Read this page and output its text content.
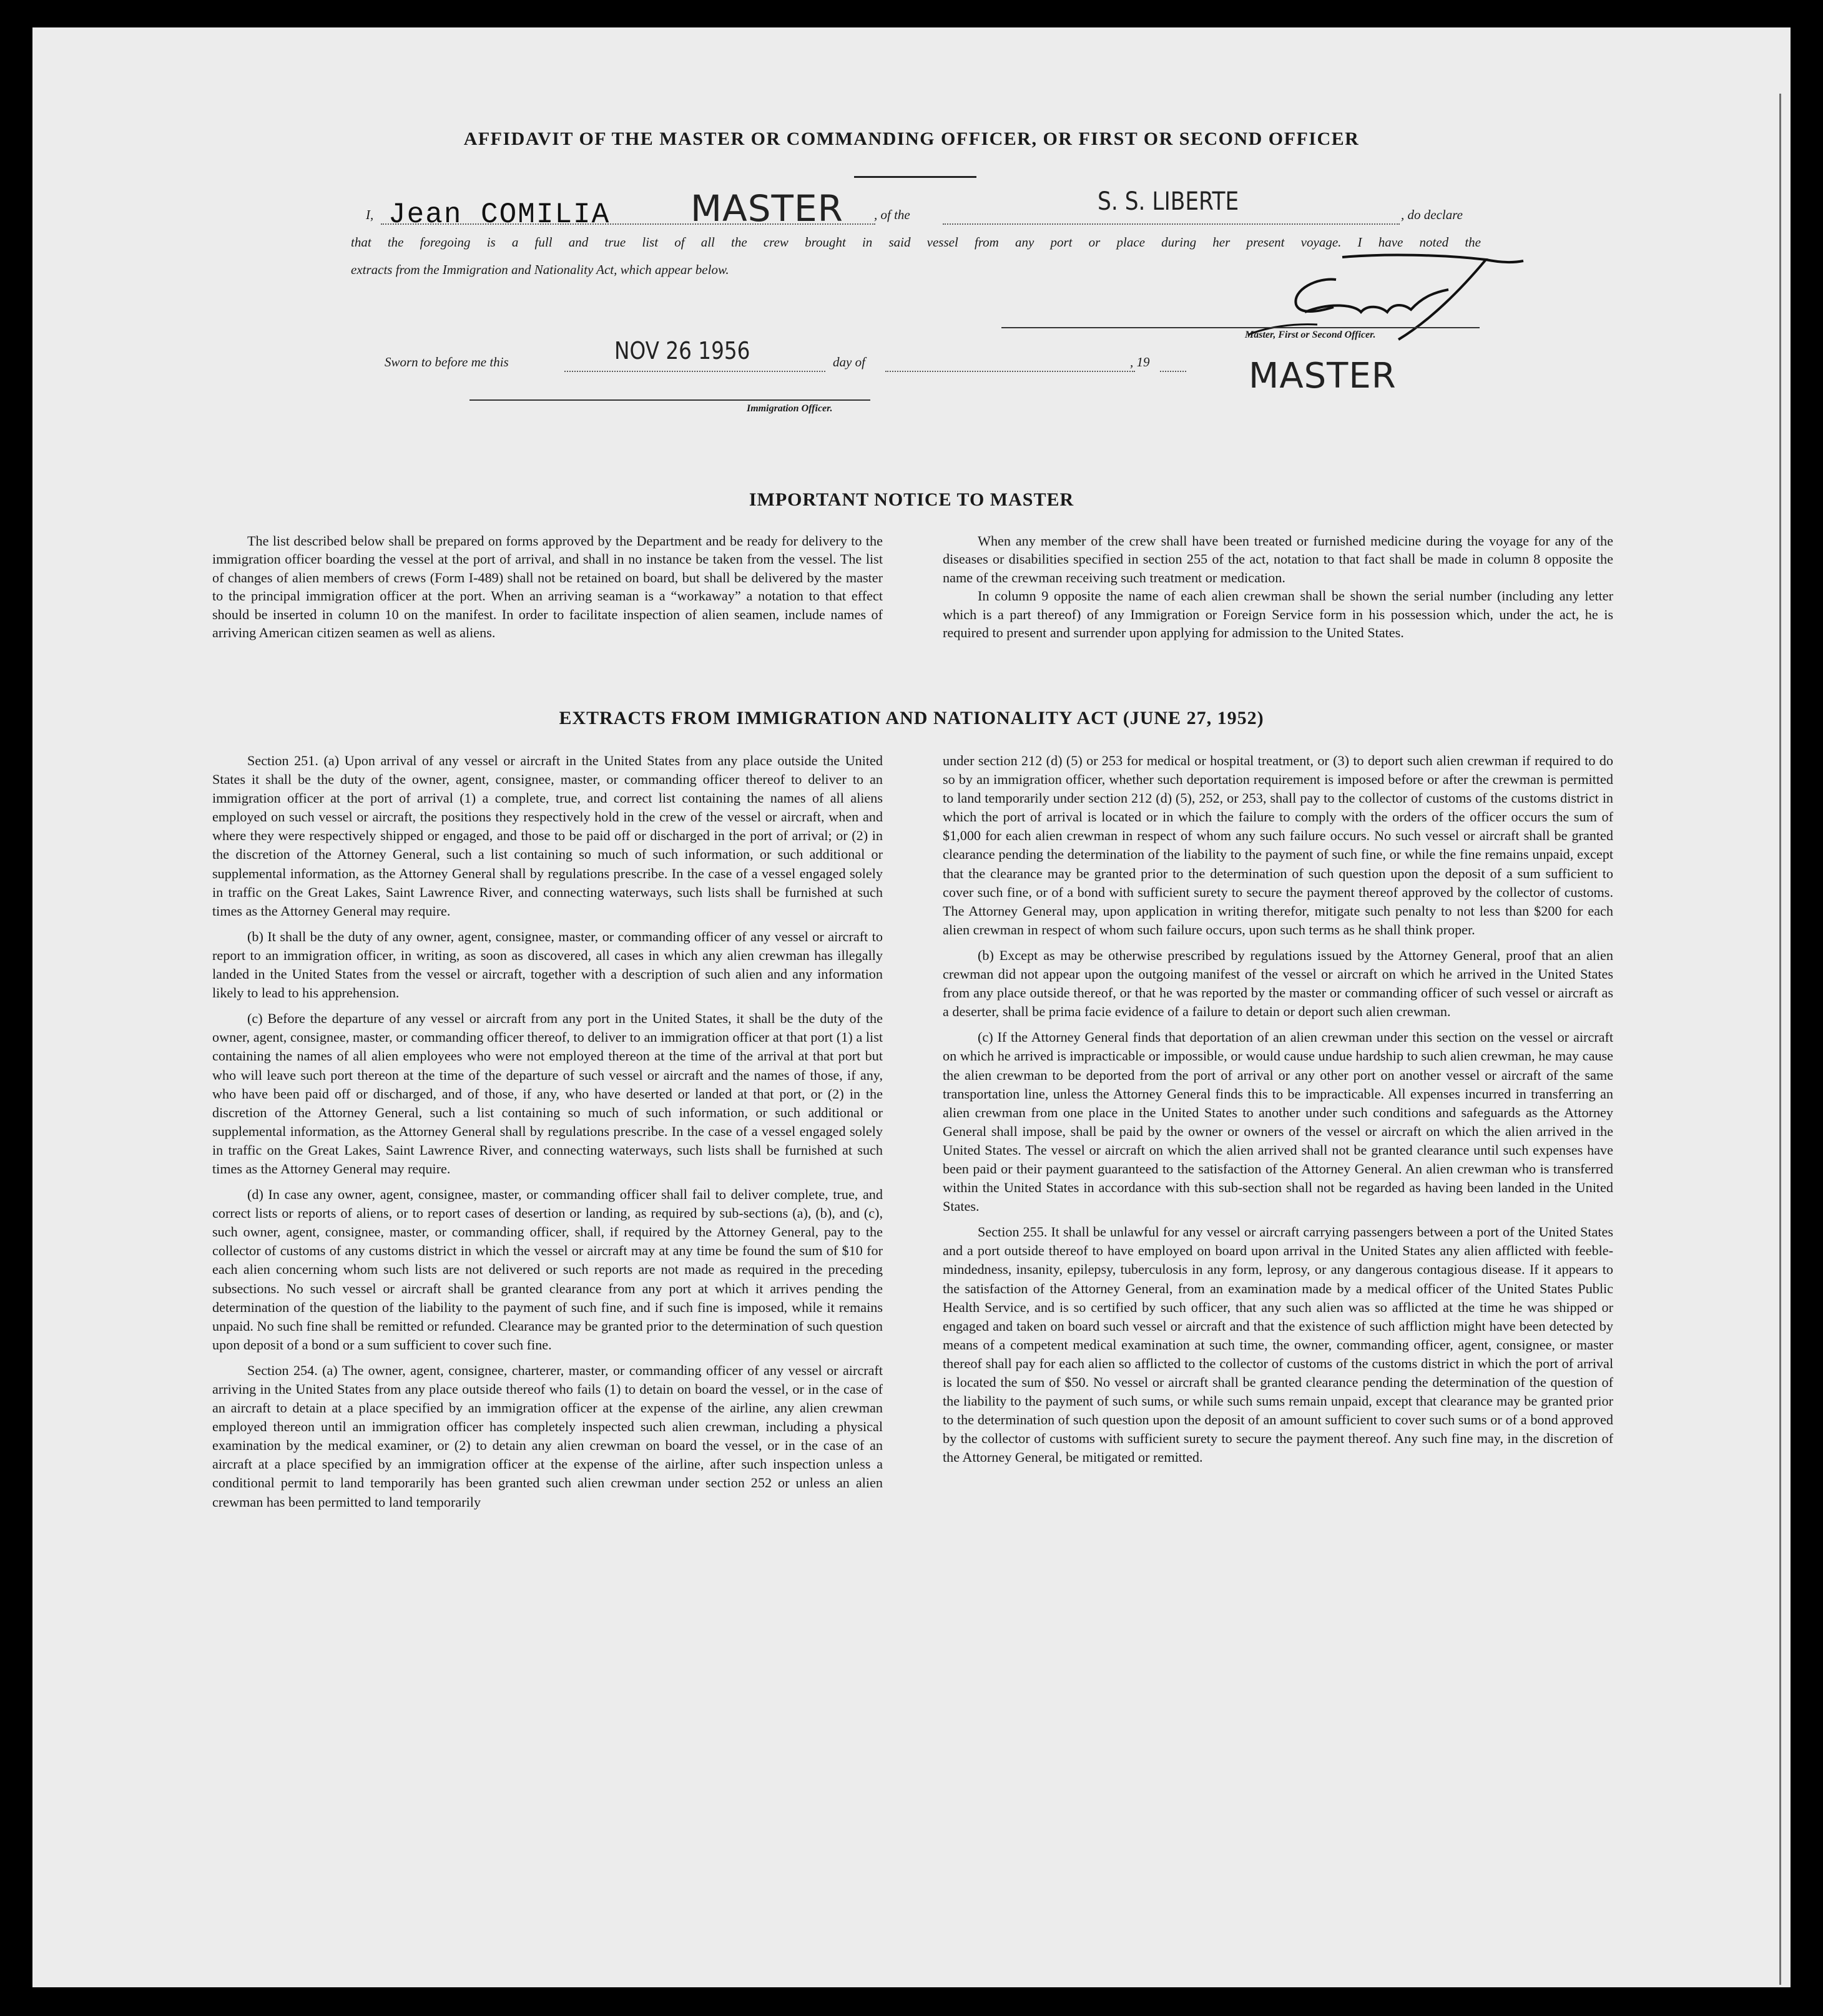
AFFIDAVIT OF THE MASTER OR COMMANDING OFFICER, OR FIRST OR SECOND OFFICER
I, Jean COMILIA MASTER , of the	S. S. LIBERTE	, do declare
that the foregoing is a full and true list of all the crew brought in said vessel from any port or place during her present voyage. I have noted the
extracts from the Immigration and Nationality Act, which appear below.
Master, First or Second Officer.
MASTER
Sworn to before me this	NOV 26 1956	day of	, 19
Immigration Officer.
IMPORTANT NOTICE TO MASTER

The list described below shall be prepared on forms approved by the Department and be ready for delivery to the immigration officer boarding the vessel at the port of arrival, and shall in no instance be taken from the vessel. The list of changes of alien members of crews (Form I-489) shall not be retained on board, but shall be delivered by the master to the principal immigration officer at the port. When an arriving seaman is a “workaway” a notation to that effect should be inserted in column 10 on the manifest. In order to facilitate inspection of alien seamen, include names of arriving American citizen seamen as well as aliens.

When any member of the crew shall have been treated or furnished medicine during the voyage for any of the diseases or disabilities specified in section 255 of the act, notation to that fact shall be made in column 8 opposite the name of the crewman receiving such treatment or medication.

In column 9 opposite the name of each alien crewman shall be shown the serial number (including any letter which is a part thereof) of any Immigration or Foreign Service form in his possession which, under the act, he is required to present and surrender upon applying for admission to the United States.

EXTRACTS FROM IMMIGRATION AND NATIONALITY ACT (JUNE 27, 1952)

Section 251. (a) Upon arrival of any vessel or aircraft in the United States from any place outside the United States it shall be the duty of the owner, agent, consignee, master, or commanding officer thereof to deliver to an immigration officer at the port of arrival (1) a complete, true, and correct list containing the names of all aliens employed on such vessel or aircraft, the positions they respectively hold in the crew of the vessel or aircraft, when and where they were respectively shipped or engaged, and those to be paid off or discharged in the port of arrival; or (2) in the discretion of the Attorney General, such a list containing so much of such information, or such additional or supplemental information, as the Attorney General shall by regulations prescribe. In the case of a vessel engaged solely in traffic on the Great Lakes, Saint Lawrence River, and connecting waterways, such lists shall be furnished at such times as the Attorney General may require.

(b) It shall be the duty of any owner, agent, consignee, master, or commanding officer of any vessel or aircraft to report to an immigration officer, in writing, as soon as discovered, all cases in which any alien crewman has illegally landed in the United States from the vessel or aircraft, together with a description of such alien and any information likely to lead to his apprehension.

(c) Before the departure of any vessel or aircraft from any port in the United States, it shall be the duty of the owner, agent, consignee, master, or commanding officer thereof, to deliver to an immigration officer at that port (1) a list containing the names of all alien employees who were not employed thereon at the time of the arrival at that port but who will leave such port thereon at the time of the departure of such vessel or aircraft and the names of those, if any, who have been paid off or discharged, and of those, if any, who have deserted or landed at that port, or (2) in the discretion of the Attorney General, such a list containing so much of such information, or such additional or supplemental information, as the Attorney General shall by regulations prescribe. In the case of a vessel engaged solely in traffic on the Great Lakes, Saint Lawrence River, and connecting waterways, such lists shall be furnished at such times as the Attorney General may require.

(d) In case any owner, agent, consignee, master, or commanding officer shall fail to deliver complete, true, and correct lists or reports of aliens, or to report cases of desertion or landing, as required by sub-sections (a), (b), and (c), such owner, agent, consignee, master, or commanding officer, shall, if required by the Attorney General, pay to the collector of customs of any customs district in which the vessel or aircraft may at any time be found the sum of $10 for each alien concerning whom such lists are not delivered or such reports are not made as required in the preceding subsections. No such vessel or aircraft shall be granted clearance from any port at which it arrives pending the determination of the question of the liability to the payment of such fine, and if such fine is imposed, while it remains unpaid. No such fine shall be remitted or refunded. Clearance may be granted prior to the determination of such question upon deposit of a bond or a sum sufficient to cover such fine.

Section 254. (a) The owner, agent, consignee, charterer, master, or commanding officer of any vessel or aircraft arriving in the United States from any place outside thereof who fails (1) to detain on board the vessel, or in the case of an aircraft to detain at a place specified by an immigration officer at the expense of the airline, any alien crewman employed thereon until an immigration officer has completely inspected such alien crewman, including a physical examination by the medical examiner, or (2) to detain any alien crewman on board the vessel, or in the case of an aircraft at a place specified by an immigration officer at the expense of the airline, after such inspection unless a conditional permit to land temporarily has been granted such alien crewman under section 252 or unless an alien crewman has been permitted to land temporarily

under section 212 (d) (5) or 253 for medical or hospital treatment, or (3) to deport such alien crewman if required to do so by an immigration officer, whether such deportation requirement is imposed before or after the crewman is permitted to land temporarily under section 212 (d) (5), 252, or 253, shall pay to the collector of customs of the customs district in which the port of arrival is located or in which the failure to comply with the orders of the officer occurs the sum of $1,000 for each alien crewman in respect of whom any such failure occurs. No such vessel or aircraft shall be granted clearance pending the determination of the liability to the payment of such fine, or while the fine remains unpaid, except that the clearance may be granted prior to the determination of such question upon the deposit of a sum sufficient to cover such fine, or of a bond with sufficient surety to secure the payment thereof approved by the collector of customs. The Attorney General may, upon application in writing therefor, mitigate such penalty to not less than $200 for each alien crewman in respect of whom such failure occurs, upon such terms as he shall think proper.

(b) Except as may be otherwise prescribed by regulations issued by the Attorney General, proof that an alien crewman did not appear upon the outgoing manifest of the vessel or aircraft on which he arrived in the United States from any place outside thereof, or that he was reported by the master or commanding officer of such vessel or aircraft as a deserter, shall be prima facie evidence of a failure to detain or deport such alien crewman.

(c) If the Attorney General finds that deportation of an alien crewman under this section on the vessel or aircraft on which he arrived is impracticable or impossible, or would cause undue hardship to such alien crewman, he may cause the alien crewman to be deported from the port of arrival or any other port on another vessel or aircraft of the same transportation line, unless the Attorney General finds this to be impracticable. All expenses incurred in transferring an alien crewman from one place in the United States to another under such conditions and safeguards as the Attorney General shall impose, shall be paid by the owner or owners of the vessel or aircraft on which the alien arrived in the United States. The vessel or aircraft on which the alien arrived shall not be granted clearance until such expenses have been paid or their payment guaranteed to the satisfaction of the Attorney General. An alien crewman who is transferred within the United States in accordance with this sub-section shall not be regarded as having been landed in the United States.

Section 255. It shall be unlawful for any vessel or aircraft carrying passengers between a port of the United States and a port outside thereof to have employed on board upon arrival in the United States any alien afflicted with feeble-mindedness, insanity, epilepsy, tuberculosis in any form, leprosy, or any dangerous contagious disease. If it appears to the satisfaction of the Attorney General, from an examination made by a medical officer of the United States Public Health Service, and is so certified by such officer, that any such alien was so afflicted at the time he was shipped or engaged and taken on board such vessel or aircraft and that the existence of such affliction might have been detected by means of a competent medical examination at such time, the owner, commanding officer, agent, consignee, or master thereof shall pay for each alien so afflicted to the collector of customs of the customs district in which the port of arrival is located the sum of $50. No vessel or aircraft shall be granted clearance pending the determination of the question of the liability to the payment of such sums, or while such sums remain unpaid, except that clearance may be granted prior to the determination of such question upon the deposit of an amount sufficient to cover such sums or of a bond approved by the collector of customs with sufficient surety to secure the payment thereof. Any such fine may, in the discretion of the Attorney General, be mitigated or remitted.
